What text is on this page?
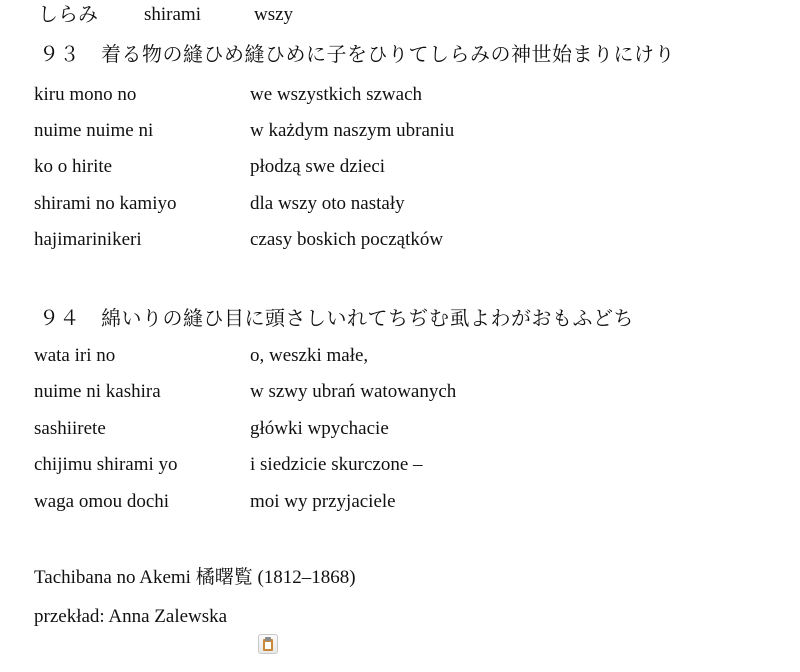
しらみ shirami	wszy
９３ 着る物の縫ひめ縫ひめに子をひりてしらみの神世始まりにけり
kiru mono no	we wszystkich szwach
nuime nuime ni	w każdym naszym ubraniu
ko o hirite	płodzą swe dzieci
shirami no kamiyo	dla wszy oto nastały
hajimarinikeri	czasy boskich początków
９４ 綿いりの縫ひ目に頭さしいれてちぢむ虱よわがおもふどち
wata iri no	o, weszki małe,
nuime ni kashira	w szwy ubrań watowanych
sashiirete	główki wpychacie
chijimu shirami yo	i siedzicie skurczone –
waga omou dochi	moi wy przyjaciele
Tachibana no Akemi 橘曙覧 (1812–1868)
przekład: Anna Zalewska
